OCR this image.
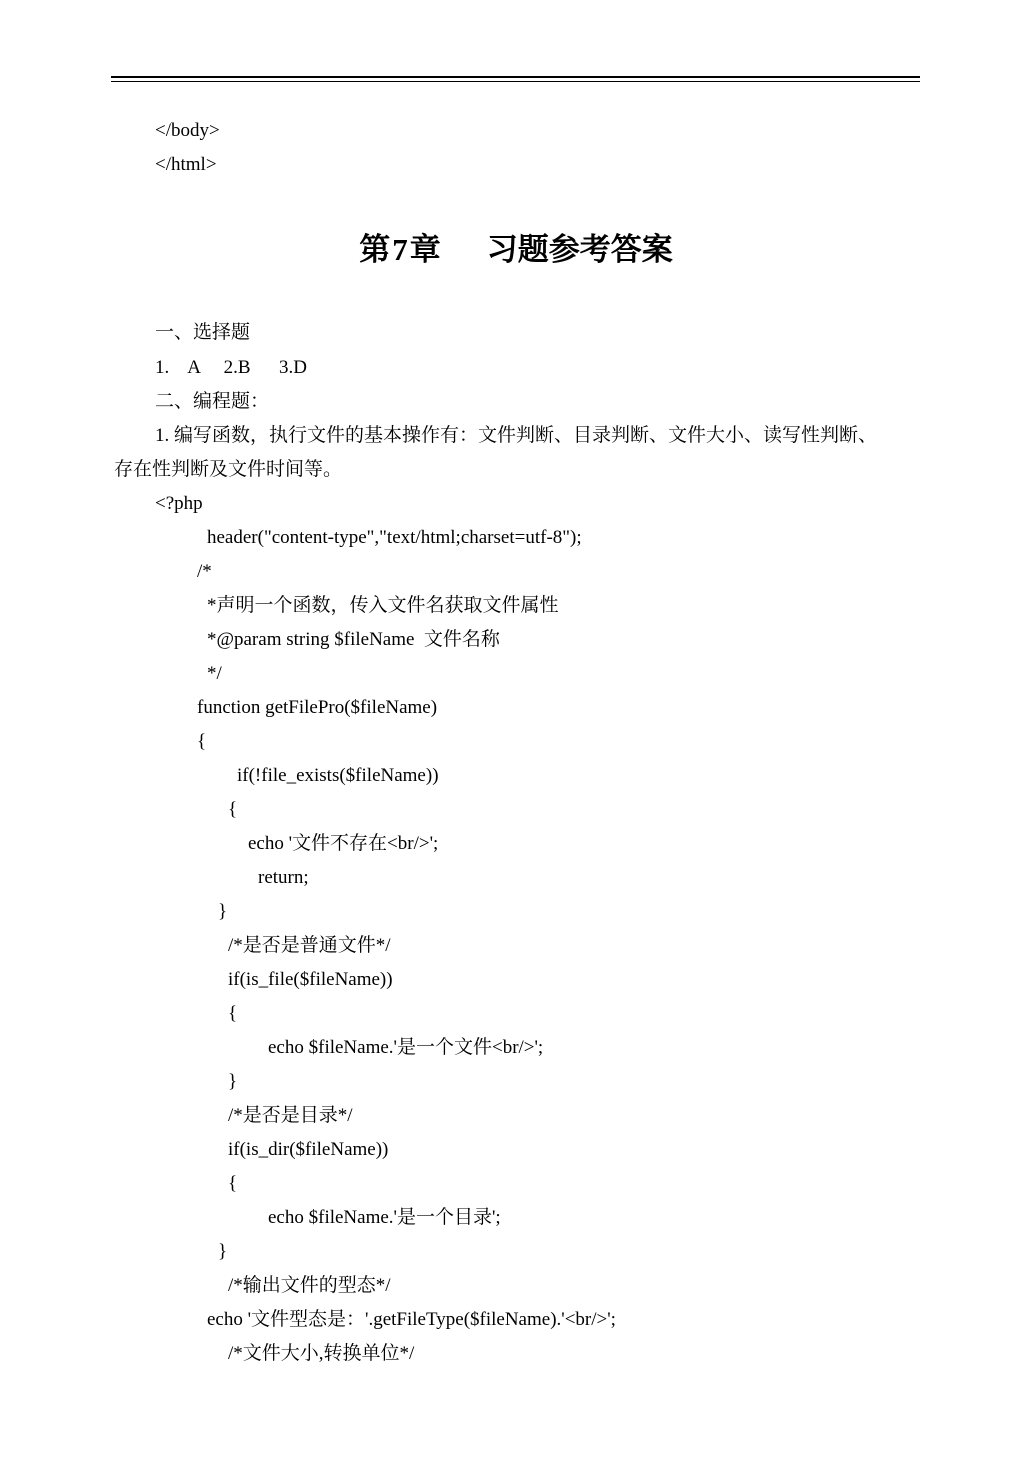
</body>
</html>
第7章 习题参考答案
一、选择题
1.    A     2.B      3.D
二、编程题：
1. 编写函数，执行文件的基本操作有：文件判断、目录判断、文件大小、读写性判断、
存在性判断及文件时间等。
<?php
header("content-type","text/html;charset=utf-8");
/*
*声明一个函数，传入文件名获取文件属性
*@param string $fileName  文件名称
*/
function getFilePro($fileName)
{
if(!file_exists($fileName))
{
echo '文件不存在<br/>';
return;
}
/*是否是普通文件*/
if(is_file($fileName))
{
echo $fileName.'是一个文件<br/>';
}
/*是否是目录*/
if(is_dir($fileName))
{
echo $fileName.'是一个目录';
}
/*输出文件的型态*/
echo '文件型态是：'.getFileType($fileName).'<br/>';
/*文件大小,转换单位*/
